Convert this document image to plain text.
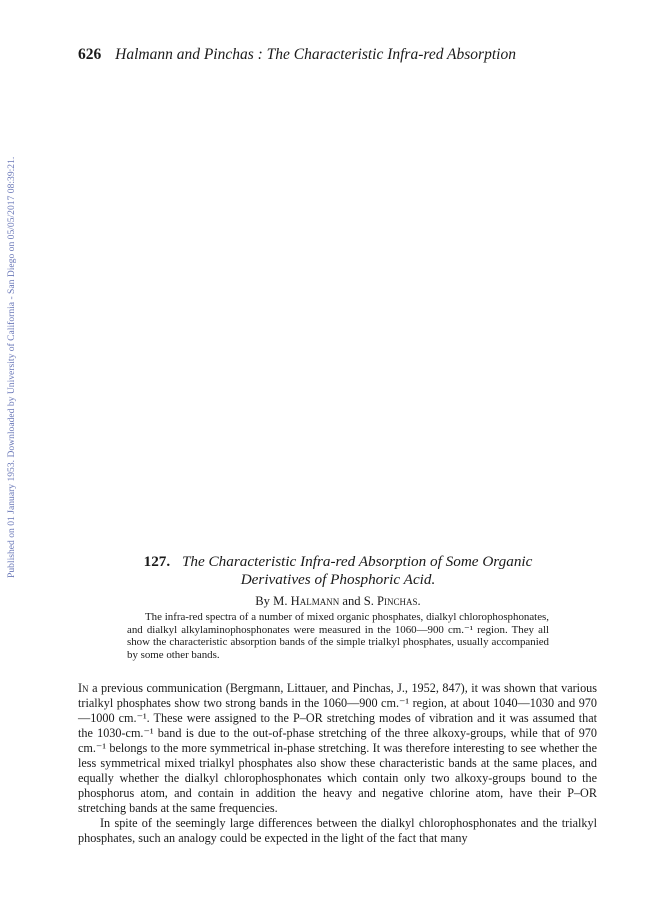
626 Halmann and Pinchas : The Characteristic Infra-red Absorption
Published on 01 January 1953. Downloaded by University of California - San Diego on 05/05/2017 08:39:21.	127. The Characteristic Infra-red Absorption of Some Organic
Derivatives of Phosphoric Acid.
By M. Halmann and S. Pinchas.

The infra-red spectra of a number of mixed organic phosphates, dialkyl chlorophosphonates, and dialkyl alkylaminophosphonates were measured in the 1060—900 cm.⁻¹ region. They all show the characteristic absorption bands of the simple trialkyl phosphates, usually accompanied by some other bands.

In a previous communication (Bergmann, Littauer, and Pinchas, J., 1952, 847), it was shown that various trialkyl phosphates show two strong bands in the 1060—900 cm.⁻¹ region, at about 1040—1030 and 970—1000 cm.⁻¹. These were assigned to the P–OR stretching modes of vibration and it was assumed that the 1030-cm.⁻¹ band is due to the out-of-phase stretching of the three alkoxy-groups, while that of 970 cm.⁻¹ belongs to the more symmetrical in-phase stretching. It was therefore interesting to see whether the less symmetrical mixed trialkyl phosphates also show these characteristic bands at the same places, and equally whether the dialkyl chlorophosphonates which contain only two alkoxy-groups bound to the phosphorus atom, and contain in addition the heavy and negative chlorine atom, have their P–OR stretching bands at the same frequencies.

In spite of the seemingly large differences between the dialkyl chlorophosphonates and the trialkyl phosphates, such an analogy could be expected in the light of the fact that many
